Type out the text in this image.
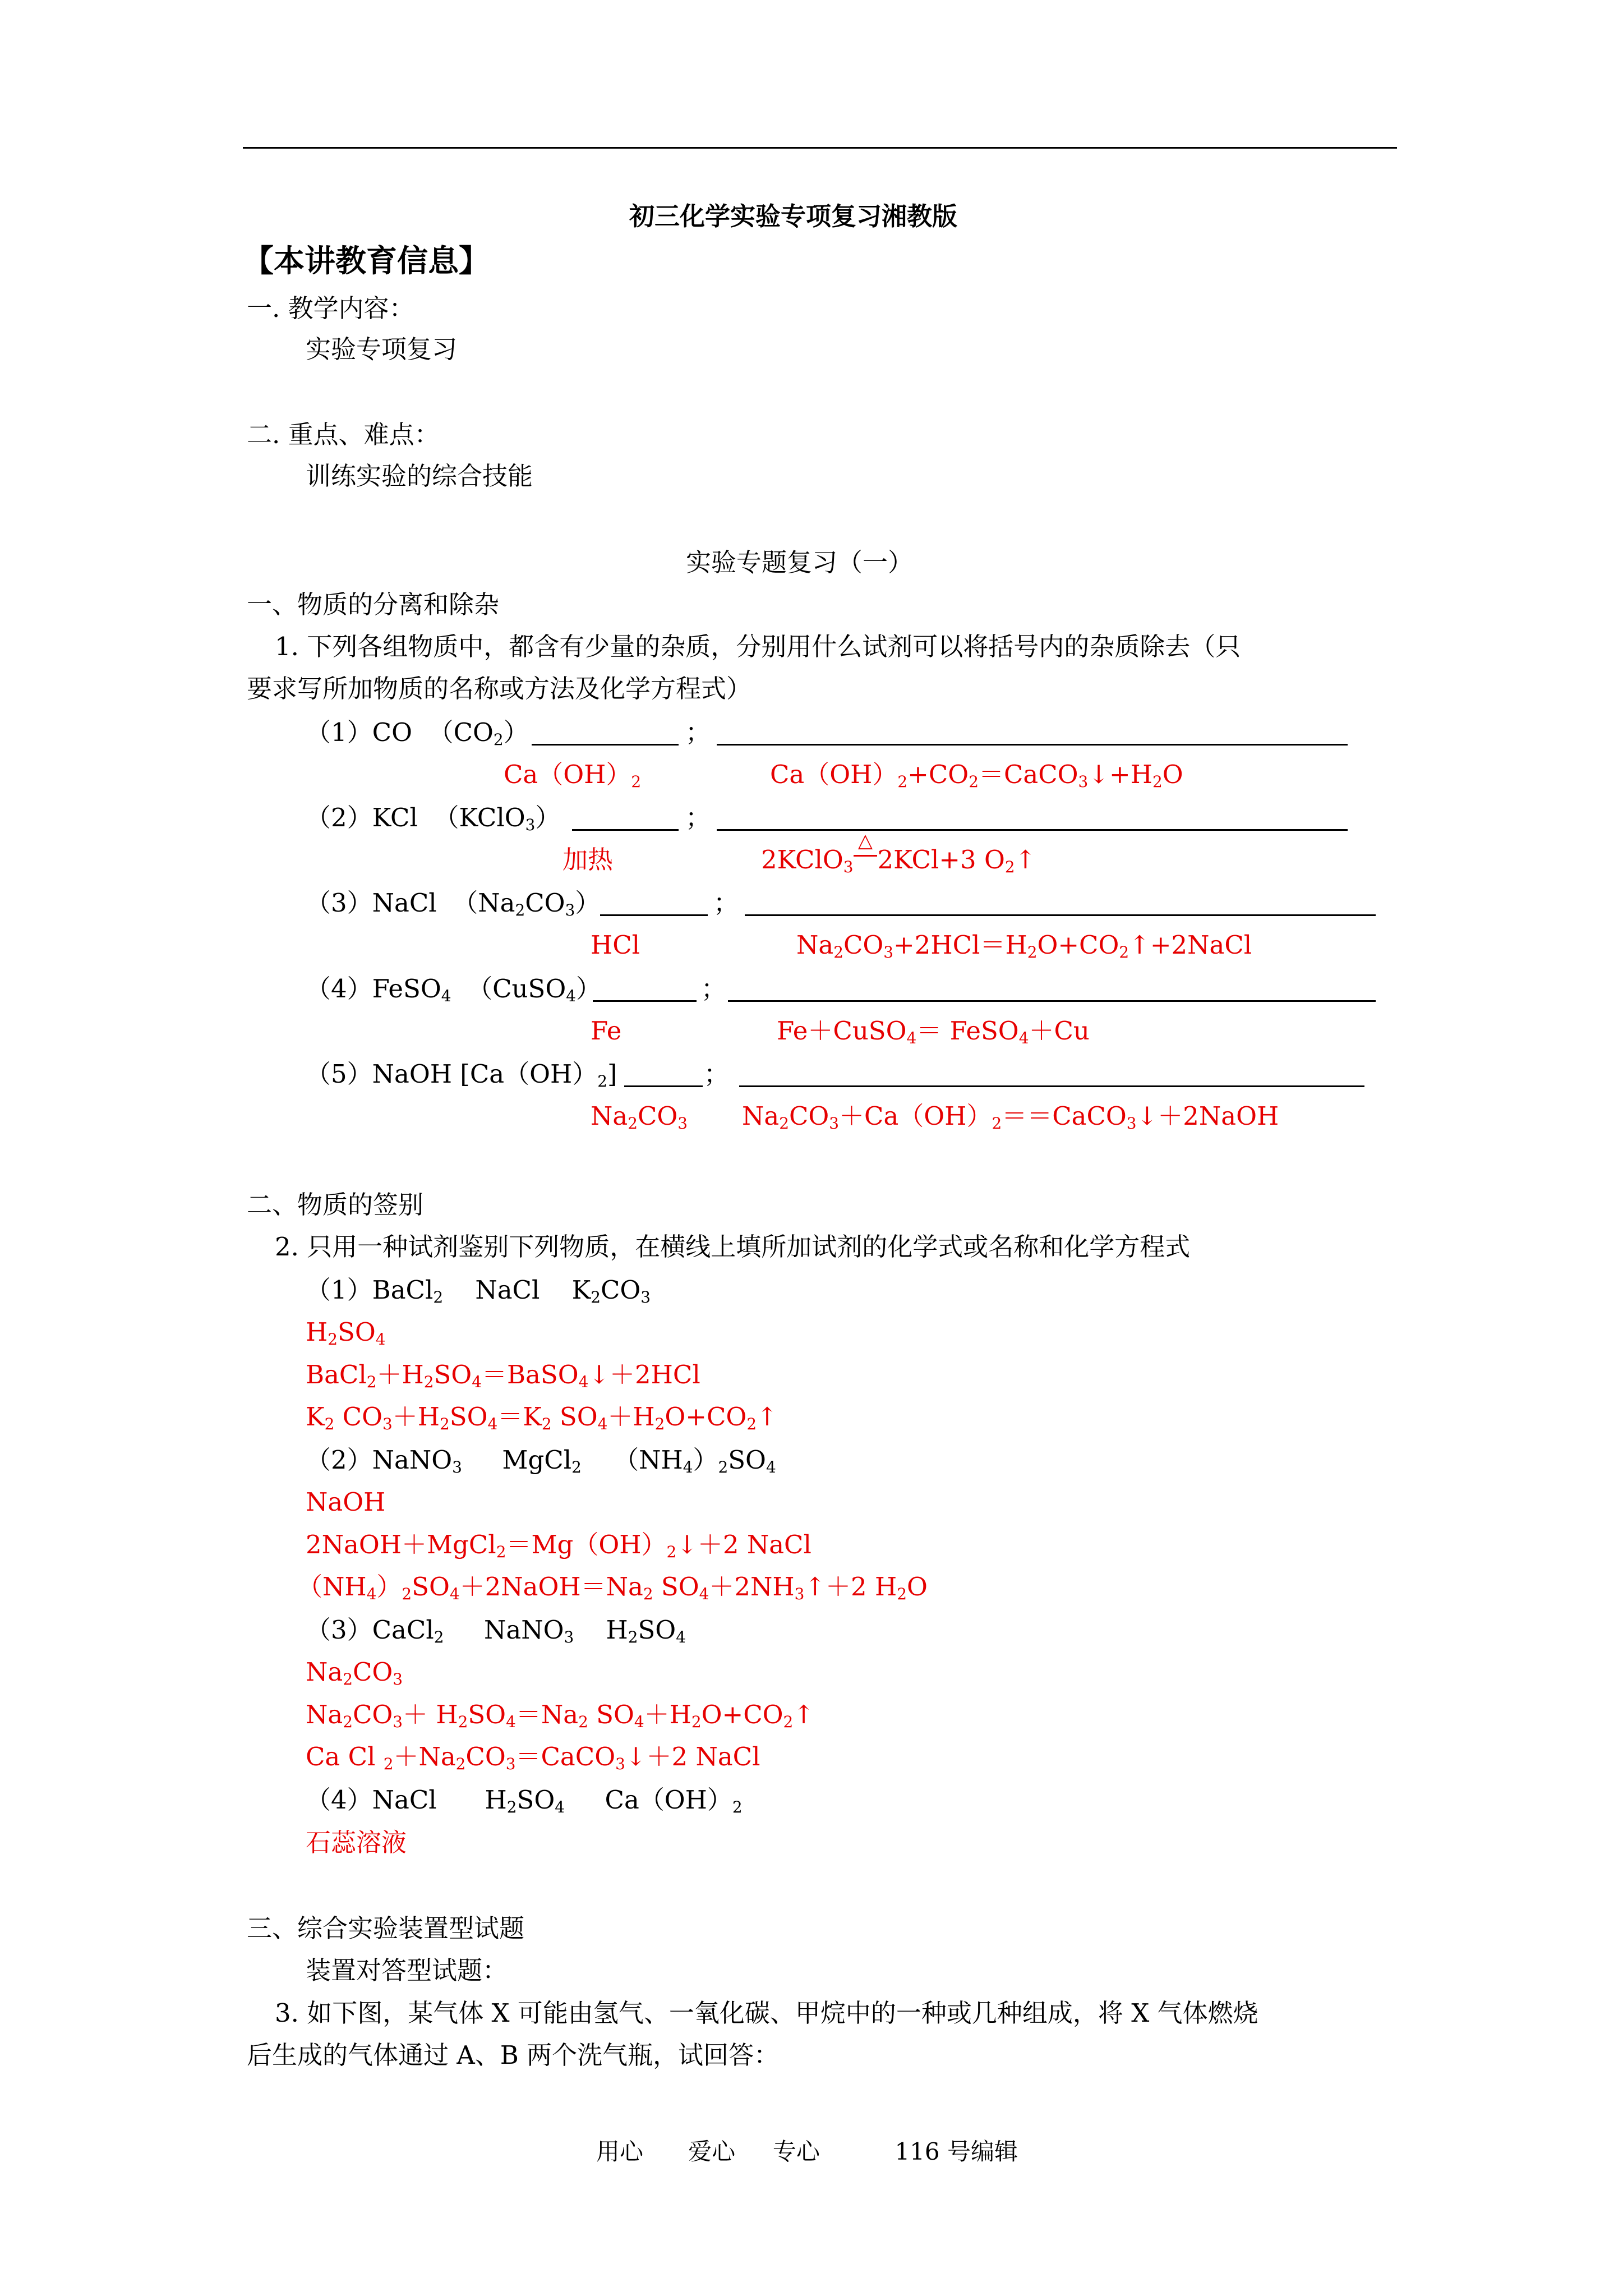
初三化学实验专项复习湘教版
【本讲教育信息】
一. 教学内容：
实验专项复习
二. 重点、难点：
训练实验的综合技能
实验专题复习（一）
一、物质的分离和除杂
1. 下列各组物质中，都含有少量的杂质，分别用什么试剂可以将括号内的杂质除去（只
要求写所加物质的名称或方法及化学方程式）
（1）CO $(CO_2)$	；
$Ca(OH)_2$	$Ca(OH)_2+CO_2=CaCO_3↓+H_2O$
（2）KCl （KClO$_3$）	；
加热	2KClO$_3$
△
2KCl+3 $O_2↑$
（3）NaCl $(Na_2CO_3)$	；
HCl	$Na_2CO_3+2HCl=H_2O+CO_2↑+2NaCl$
（4）FeSO$_4$ （CuSO$_4$）	；
Fe	Fe＋CuSO$_4$＝ FeSO$_4$＋Cu
（5）NaOH $[Ca(OH)_2]$	；
$Na_2CO_3$ $Na_2CO_3+Ca(OH)_2==CaCO_3↓+2NaOH$
二、物质的签别
2. 只用一种试剂鉴别下列物质，在横线上填所加试剂的化学式或名称和化学方程式
（1）BaCl$_2$ NaCl $K_2CO_3$
$H_2SO_4$
$BaCl_2+H_2SO_4=BaSO_4↓+2HCl$
$K_2$ $CO_3+H_2SO_4=K_2$ $SO_4+H_2O+CO_2↑$
（2）NaNO$_3$ MgCl$_2$ $(NH_4)_2SO_4$
NaOH
$2NaOH+MgCl_2=Mg(OH)_2↓+2$ NaCl
$(NH_4)_2SO_4+2NaOH=Na_2$ $SO_4+2NH_3↑+2$ $H_2O$
（3）CaCl$_2$ NaNO$_3$ $H_2SO_4$
$Na_2CO_3$
$Na_2CO_3+ H_2SO_4=Na_2$ $SO_4+H_2O+CO_2↑$
Ca Cl $_2+Na_2CO_3=CaCO_3↓+2$ NaCl
（4）NaCl $H_2SO_4$ $Ca(OH)_2$
石蕊溶液
三、综合实验装置型试题
装置对答型试题：
3. 如下图，某气体 X 可能由氢气、一氧化碳、甲烷中的一种或几种组成，将 X 气体燃烧
后生成的气体通过 A、B 两个洗气瓶，试回答：
用心 爱心 专心	116 号编辑
